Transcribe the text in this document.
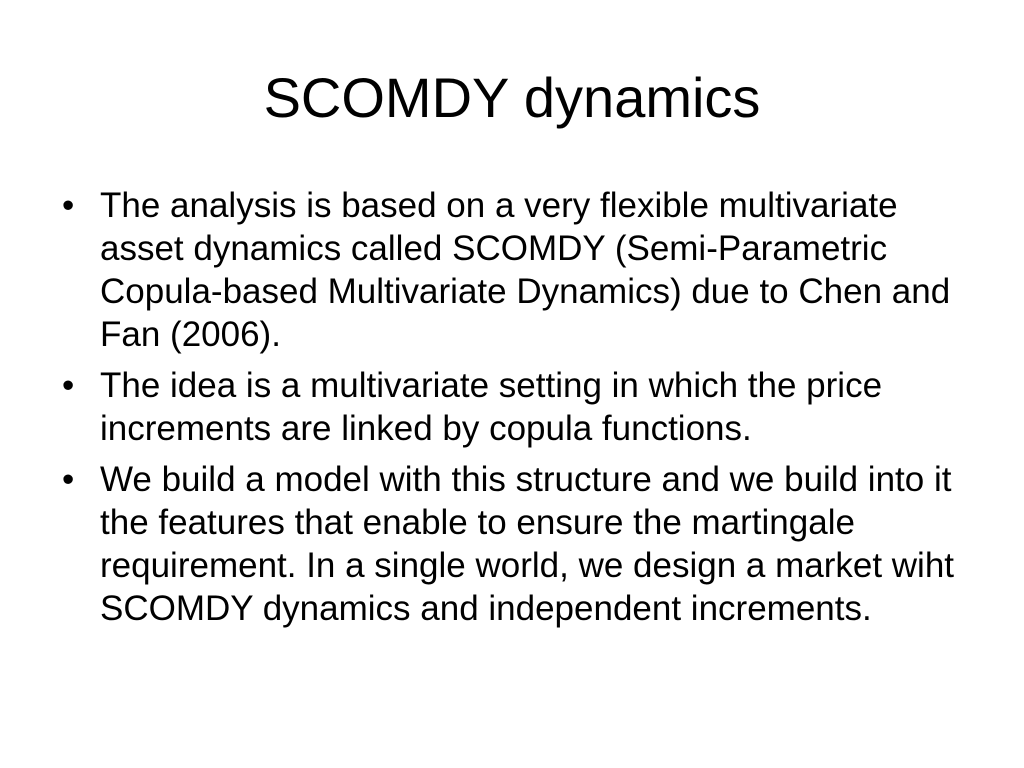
SCOMDY dynamics
• The analysis is based on a very flexible multivariate asset dynamics called SCOMDY (Semi-Parametric Copula-based Multivariate Dynamics) due to Chen and Fan (2006).
• The idea is a multivariate setting in which the price increments are linked by copula functions.
• We build a model with this structure and we build into it the features that enable to ensure the martingale requirement. In a single world, we design a market wiht SCOMDY dynamics and independent increments.
